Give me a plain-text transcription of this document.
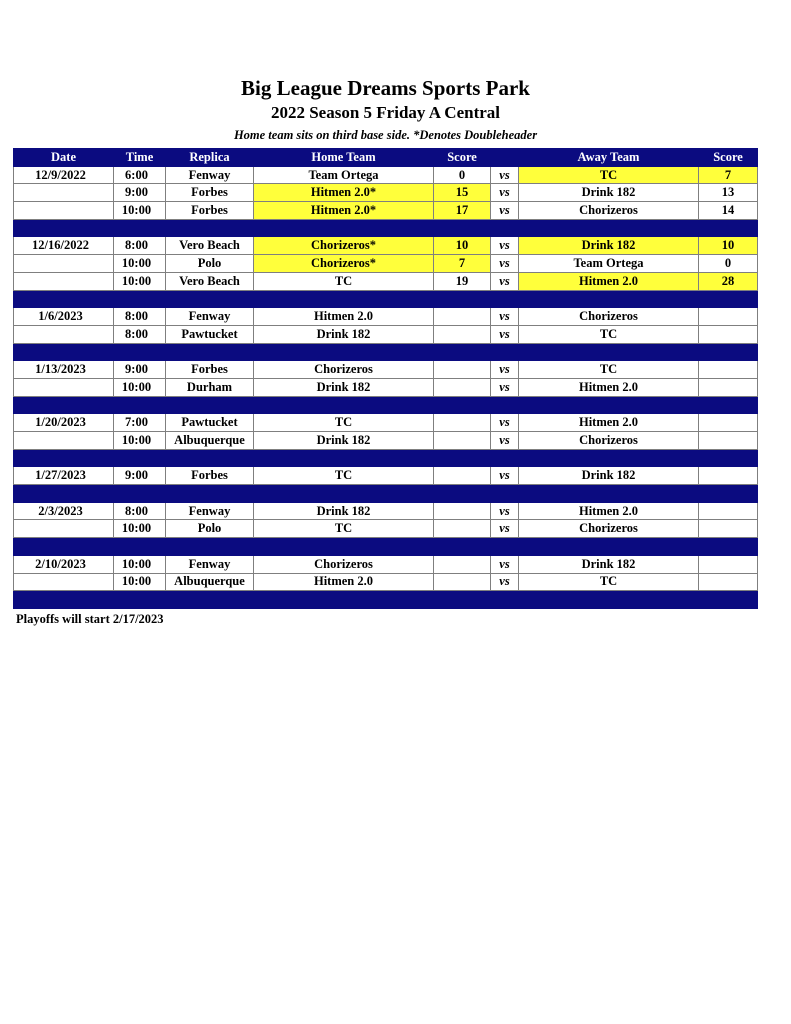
Big League Dreams Sports Park
2022 Season 5 Friday A Central
Home team sits on third base side. *Denotes Doubleheader
Date	Time	Replica	Home Team	Score		Away Team	Score
12/9/2022	6:00	Fenway	Team Ortega	0	vs	TC	7
	9:00	Forbes	Hitmen 2.0*	15	vs	Drink 182	13
	10:00	Forbes	Hitmen 2.0*	17	vs	Chorizeros	14

12/16/2022	8:00	Vero Beach	Chorizeros*	10	vs	Drink 182	10
	10:00	Polo	Chorizeros*	7	vs	Team Ortega	0
	10:00	Vero Beach	TC	19	vs	Hitmen 2.0	28

1/6/2023	8:00	Fenway	Hitmen 2.0		vs	Chorizeros	
	8:00	Pawtucket	Drink 182		vs	TC	

1/13/2023	9:00	Forbes	Chorizeros		vs	TC	
	10:00	Durham	Drink 182		vs	Hitmen 2.0	

1/20/2023	7:00	Pawtucket	TC		vs	Hitmen 2.0	
	10:00	Albuquerque	Drink 182		vs	Chorizeros	

1/27/2023	9:00	Forbes	TC		vs	Drink 182	

2/3/2023	8:00	Fenway	Drink 182		vs	Hitmen 2.0	
	10:00	Polo	TC		vs	Chorizeros	

2/10/2023	10:00	Fenway	Chorizeros		vs	Drink 182	
	10:00	Albuquerque	Hitmen 2.0		vs	TC	

Playoffs will start 2/17/2023
